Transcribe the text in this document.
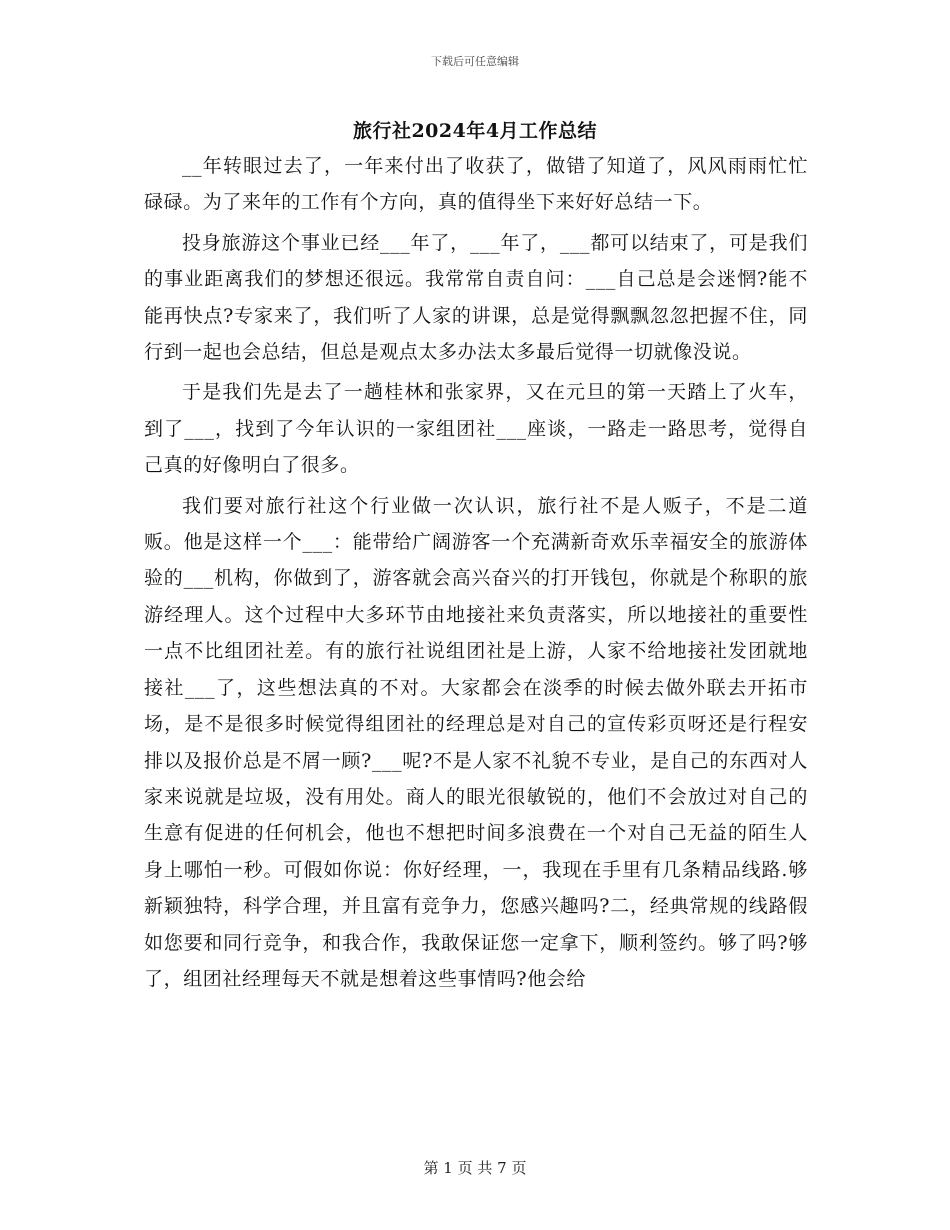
下载后可任意编辑
旅行社2024年4月工作总结

__年转眼过去了，一年来付出了收获了，做错了知道了，风风雨雨忙忙碌碌。为了来年的工作有个方向，真的值得坐下来好好总结一下。

投身旅游这个事业已经___年了，___年了，___都可以结束了，可是我们的事业距离我们的梦想还很远。我常常自责自问：___自己总是会迷惘?能不能再快点?专家来了，我们听了人家的讲课，总是觉得飘飘忽忽把握不住，同行到一起也会总结，但总是观点太多办法太多最后觉得一切就像没说。

于是我们先是去了一趟桂林和张家界，又在元旦的第一天踏上了火车，到了___，找到了今年认识的一家组团社___座谈，一路走一路思考，觉得自己真的好像明白了很多。

我们要对旅行社这个行业做一次认识，旅行社不是人贩子，不是二道贩。他是这样一个___：能带给广阔游客一个充满新奇欢乐幸福安全的旅游体验的___机构，你做到了，游客就会高兴奋兴的打开钱包，你就是个称职的旅游经理人。这个过程中大多环节由地接社来负责落实，所以地接社的重要性一点不比组团社差。有的旅行社说组团社是上游，人家不给地接社发团就地接社___了，这些想法真的不对。大家都会在淡季的时候去做外联去开拓市场，是不是很多时候觉得组团社的经理总是对自己的宣传彩页呀还是行程安排以及报价总是不屑一顾?___呢?不是人家不礼貌不专业，是自己的东西对人家来说就是垃圾，没有用处。商人的眼光很敏锐的，他们不会放过对自己的生意有促进的任何机会，他也不想把时间多浪费在一个对自己无益的陌生人身上哪怕一秒。可假如你说：你好经理，一，我现在手里有几条精品线路.够新颖独特，科学合理，并且富有竞争力，您感兴趣吗?二，经典常规的线路假如您要和同行竞争，和我合作，我敢保证您一定拿下，顺利签约。够了吗?够了，组团社经理每天不就是想着这些事情吗?他会给

第 1 页 共 7 页
